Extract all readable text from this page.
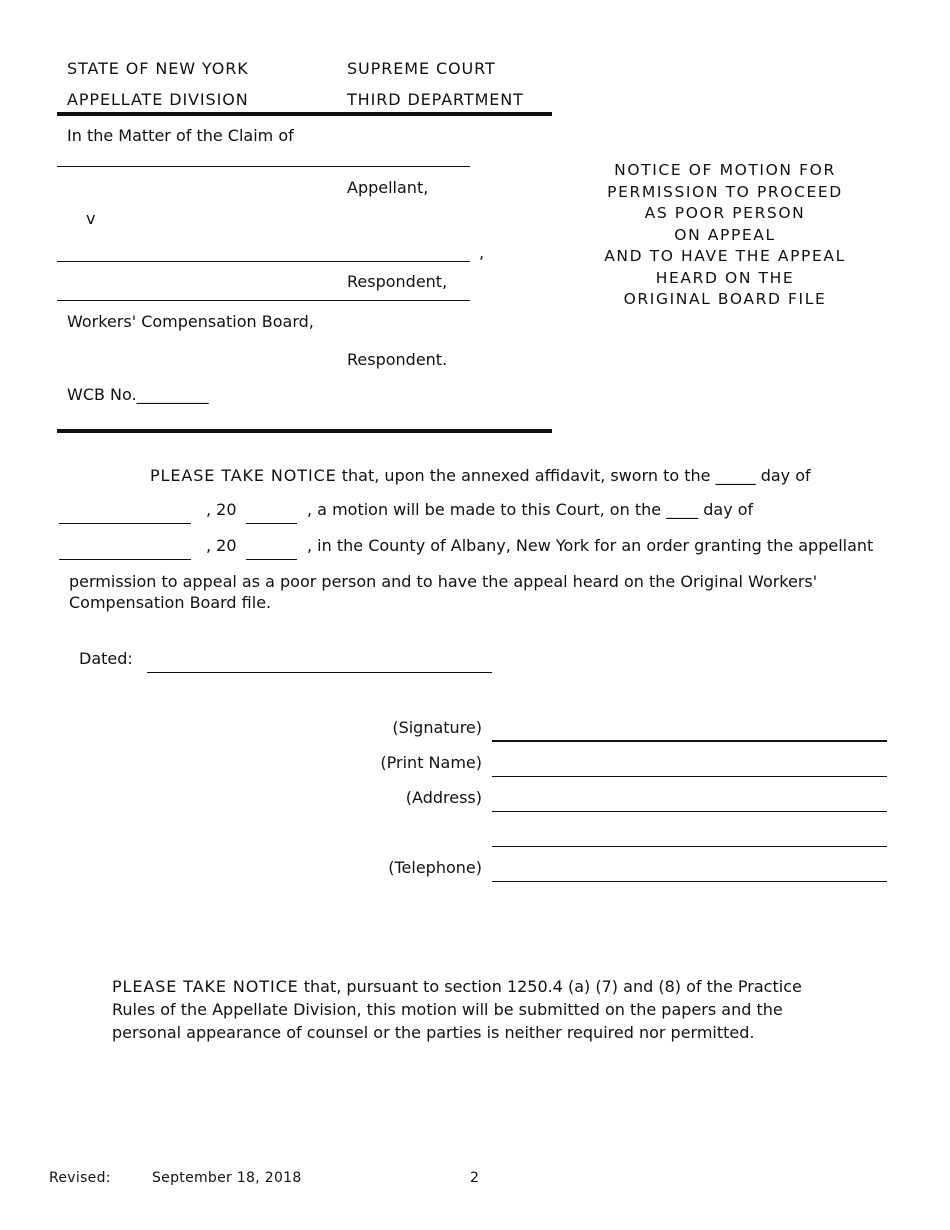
STATE OF NEW YORK	SUPREME COURT
APPELLATE DIVISION	THIRD DEPARTMENT
In the Matter of the Claim of
Appellant,
v
,
Respondent,
Workers' Compensation Board,
Respondent.
WCB No._________
NOTICE OF MOTION FOR
PERMISSION TO PROCEED
AS POOR PERSON
ON APPEAL
AND TO HAVE THE APPEAL
HEARD ON THE
ORIGINAL BOARD FILE
PLEASE TAKE NOTICE that, upon the annexed affidavit, sworn to the _____ day of
, 20	, a motion will be made to this Court, on the ____ day of
, 20	, in the County of Albany, New York for an order granting the appellant
permission to appeal as a poor person and to have the appeal heard on the Original Workers'
Compensation Board file.
Dated:
(Signature)
(Print Name)
(Address)
(Telephone)
PLEASE TAKE NOTICE that, pursuant to section 1250.4 (a) (7) and (8) of the Practice
Rules of the Appellate Division, this motion will be submitted on the papers and the
personal appearance of counsel or the parties is neither required nor permitted.
Revised:	September 18, 2018	2
